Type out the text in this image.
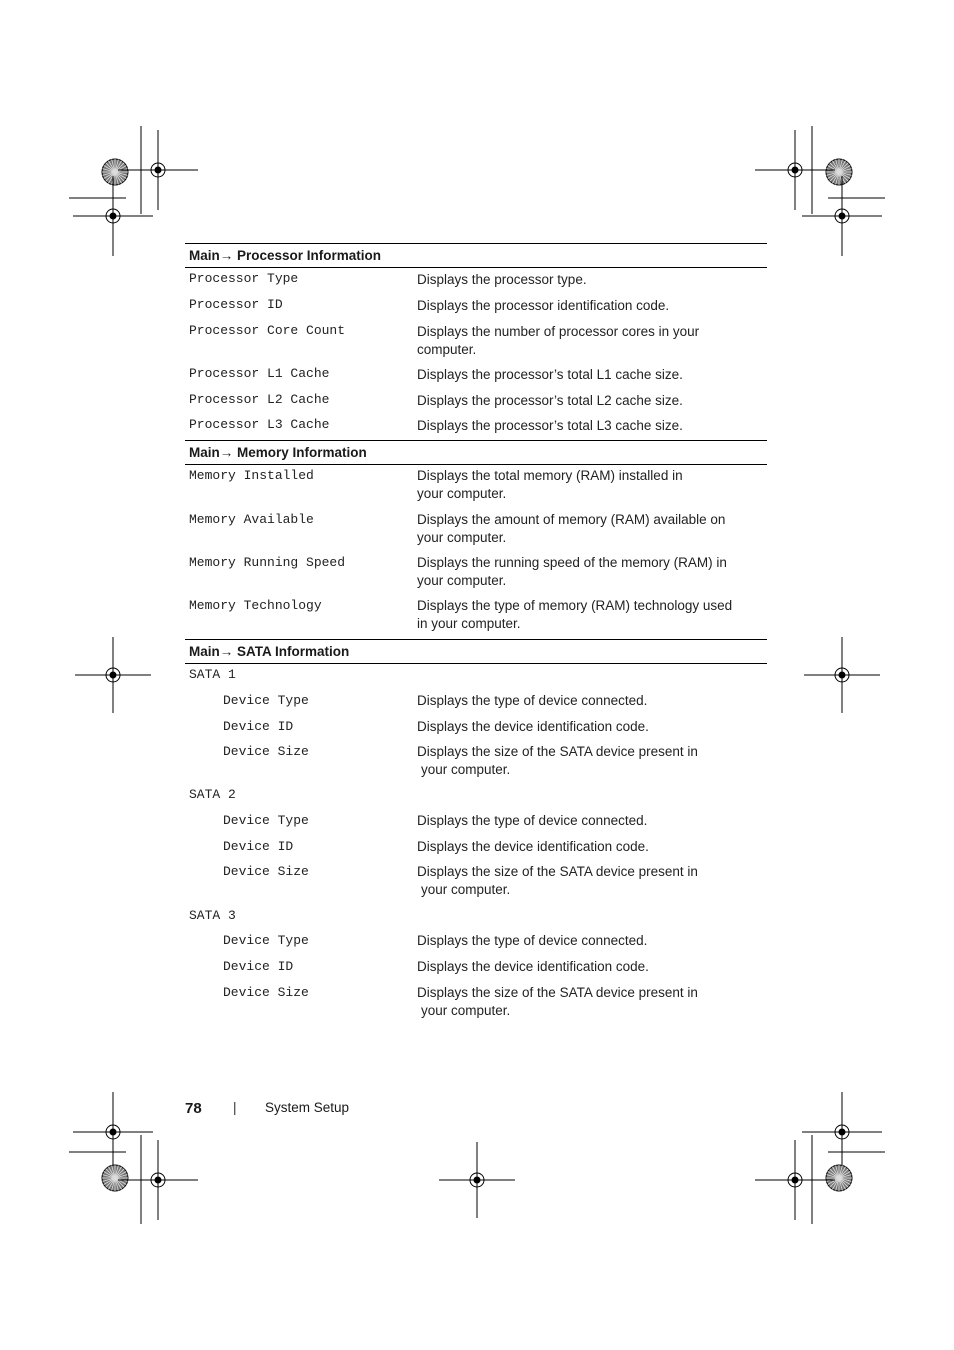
Main→ Processor Information
Processor Type	Displays the processor type.
Processor ID	Displays the processor identification code.
Processor Core Count	Displays the number of processor cores in your
computer.
Processor L1 Cache	Displays the processor’s total L1 cache size.
Processor L2 Cache	Displays the processor’s total L2 cache size.
Processor L3 Cache	Displays the processor’s total L3 cache size.
Main→ Memory Information
Memory Installed	Displays the total memory (RAM) installed in
your computer.
Memory Available	Displays the amount of memory (RAM) available on
your computer.
Memory Running Speed	Displays the running speed of the memory (RAM) in
your computer.
Memory Technology	Displays the type of memory (RAM) technology used
in your computer.
Main→ SATA Information
SATA 1
Device Type	Displays the type of device connected.
Device ID	Displays the device identification code.
Device Size	Displays the size of the SATA device present in
your computer.
SATA 2
Device Type	Displays the type of device connected.
Device ID	Displays the device identification code.
Device Size	Displays the size of the SATA device present in
your computer.
SATA 3
Device Type	Displays the type of device connected.
Device ID	Displays the device identification code.
Device Size	Displays the size of the SATA device present in
your computer.
78 | System Setup
